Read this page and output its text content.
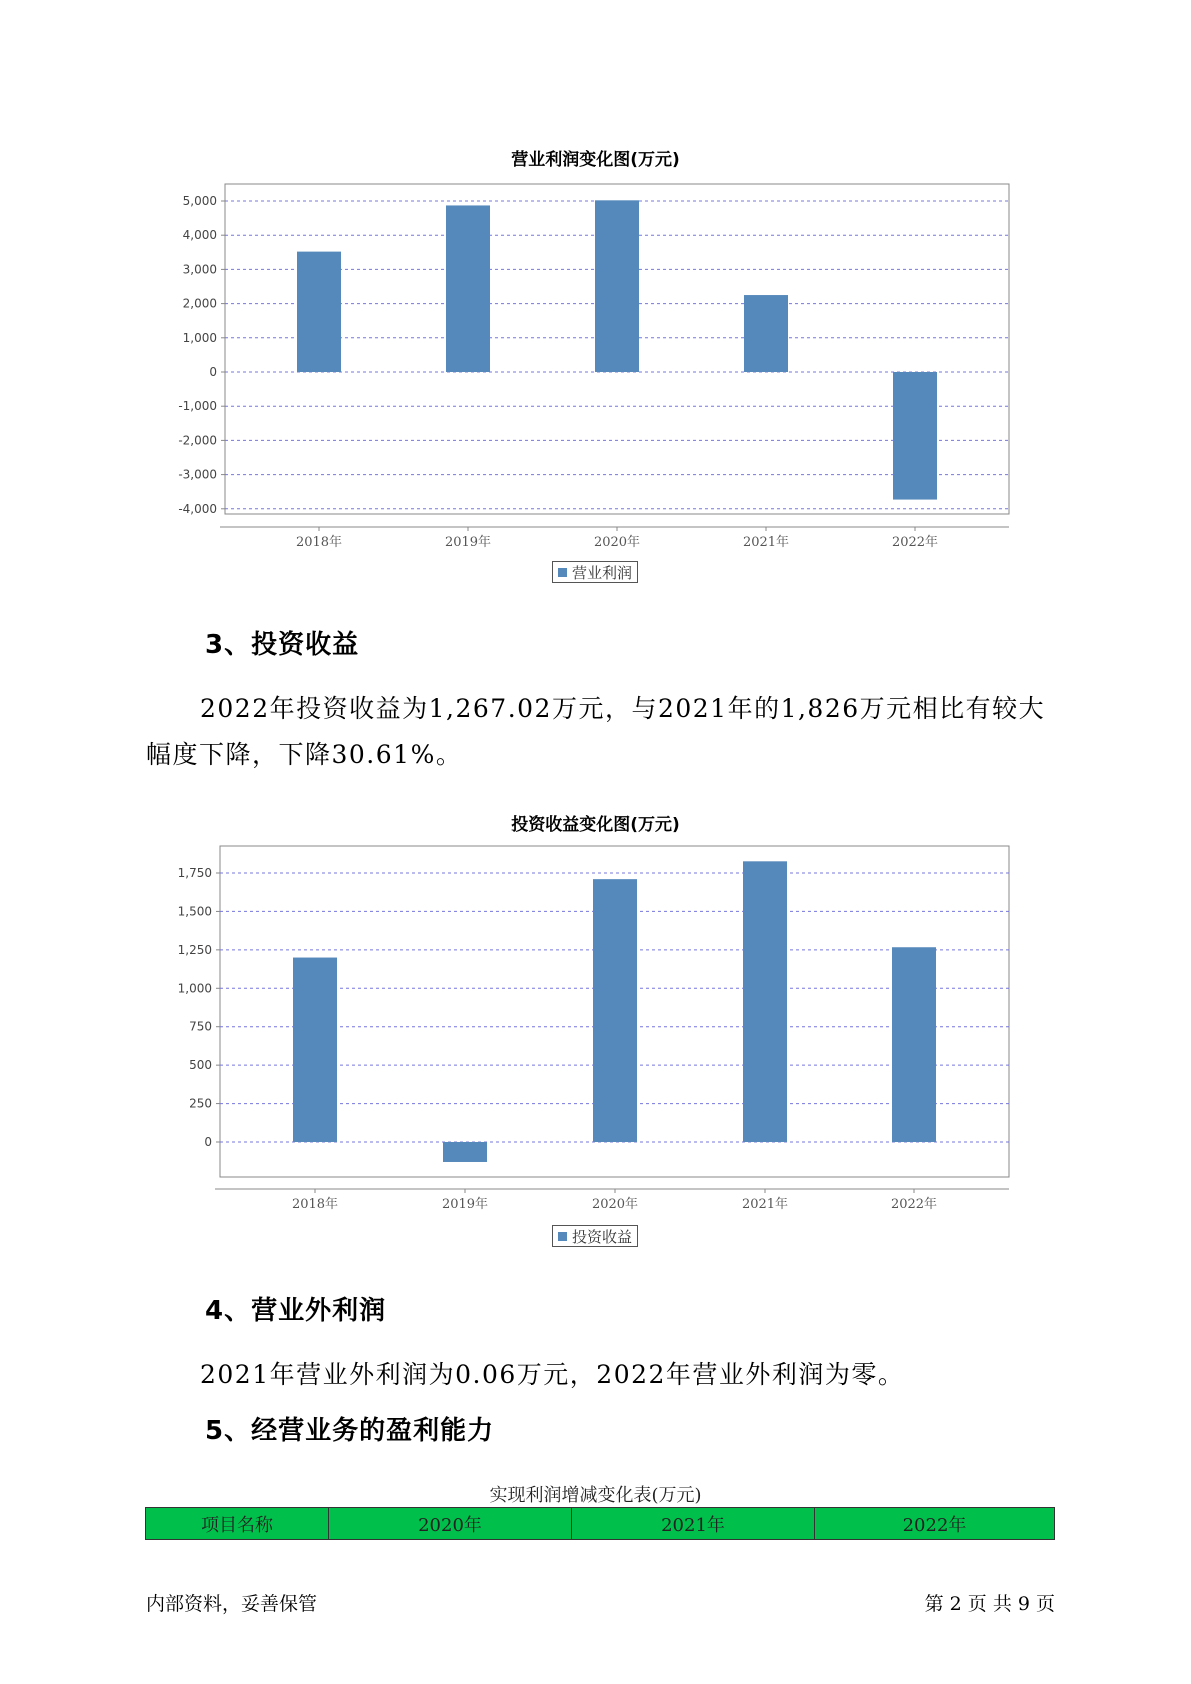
营业利润变化图(万元)
5,000
4,000
3,000
2,000
1,000
0
-1,000
-2,000
-3,000
-4,000
2018年	2019年	2020年	2021年	2022年
营业利润
3、投资收益
2022年投资收益为1,267.02万元，与2021年的1,826万元相比有较大幅度下降，下降30.61%。
投资收益变化图(万元)
1,750
1,500
1,250
1,000
750
500
250
0
2018年	2019年	2020年	2021年	2022年
投资收益
4、营业外利润
2021年营业外利润为0.06万元，2022年营业外利润为零。
5、经营业务的盈利能力
实现利润增减变化表(万元)
项目名称	2020年	2021年	2022年
内部资料，妥善保管	第 2 页 共 9 页
